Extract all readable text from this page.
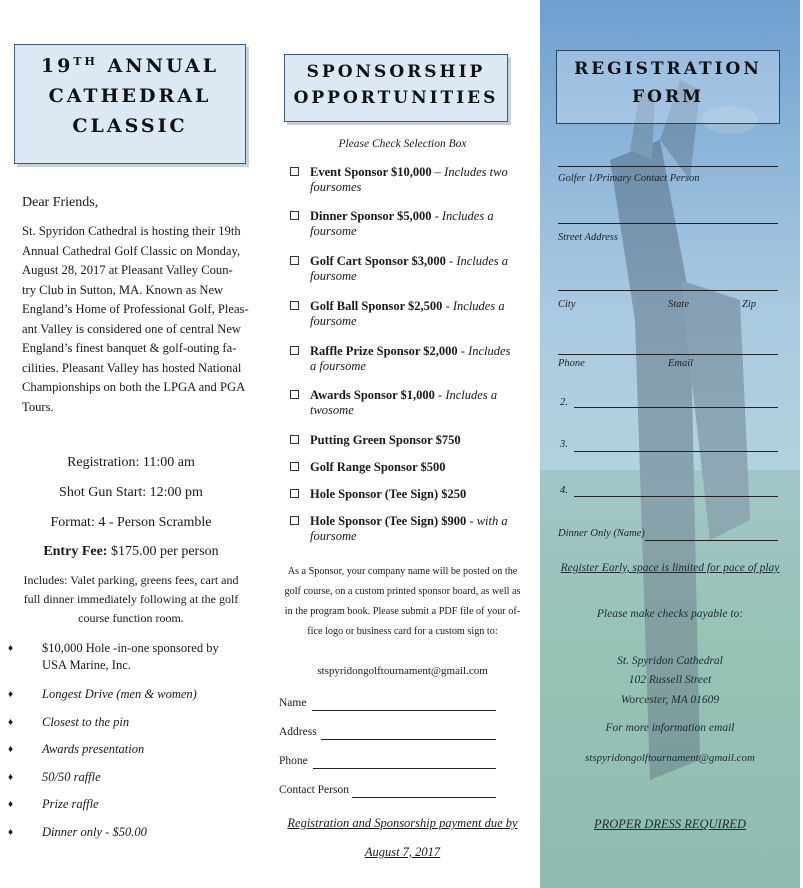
19TH ANNUAL
CATHEDRAL
CLASSIC
Dear Friends,
St. Spyridon Cathedral is hosting their 19th
Annual Cathedral Golf Classic on Monday,
August 28, 2017 at Pleasant Valley Coun-
try Club in Sutton, MA. Known as New
England’s Home of Professional Golf, Pleas-
ant Valley is considered one of central New
England’s finest banquet & golf-outing fa-
cilities. Pleasant Valley has hosted National
Championships on both the LPGA and PGA
Tours.
Registration: 11:00 am
Shot Gun Start: 12:00 pm
Format: 4 - Person Scramble
Entry Fee: $175.00 per person
Includes: Valet parking, greens fees, cart and
full dinner immediately following at the golf
course function room.
♦ $10,000 Hole -in-one sponsored by
USA Marine, Inc.
♦ Longest Drive (men & women)
♦ Closest to the pin
♦ Awards presentation
♦ 50/50 raffle
♦ Prize raffle
♦ Dinner only - $50.00
SPONSORSHIP
OPPORTUNITIES
Please Check Selection Box
Event Sponsor $10,000 – Includes two
foursomes
Dinner Sponsor $5,000 - Includes a
foursome
Golf Cart Sponsor $3,000 - Includes a
foursome
Golf Ball Sponsor $2,500 - Includes a
foursome
Raffle Prize Sponsor $2,000 - Includes
a foursome
Awards Sponsor $1,000 - Includes a
twosome
Putting Green Sponsor $750
Golf Range Sponsor $500
Hole Sponsor (Tee Sign) $250
Hole Sponsor (Tee Sign) $900 - with a
foursome
As a Sponsor, your company name will be posted on the
golf course, on a custom printed sponsor board, as well as
in the program book. Please submit a PDF file of your of-
fice logo or business card for a custom sign to:
stspyridongolftournament@gmail.com
Name
Address
Phone
Contact Person
Registration and Sponsorship payment due by
August 7, 2017
REGISTRATION
FORM
Golfer 1/Primary Contact Person
Street Address
City	State	Zip
Phone	Email
2.
3.
4.
Dinner Only (Name)
Register Early, space is limited for pace of play
Please make checks payable to:
St. Spyridon Cathedral
102 Russell Street
Worcester, MA 01609
For more information email
stspyridongolftournament@gmail.com
PROPER DRESS REQUIRED
